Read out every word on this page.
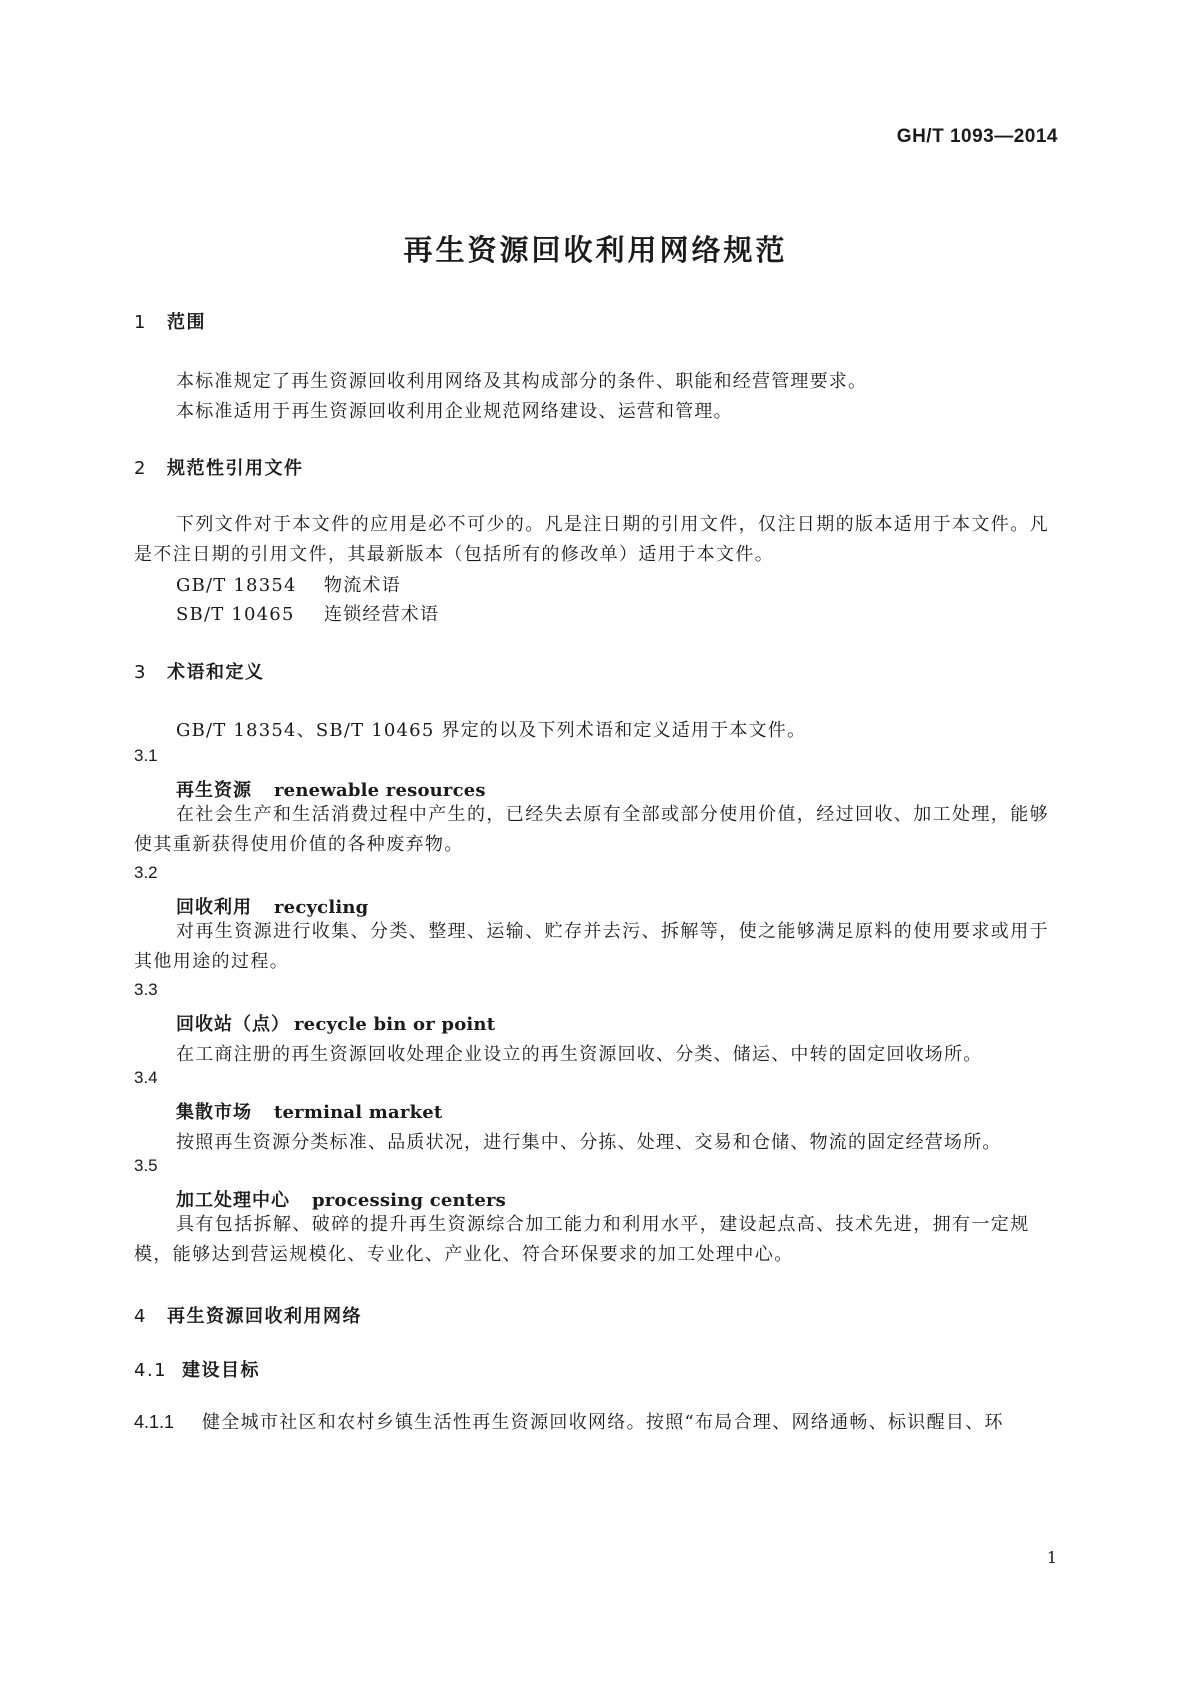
GH/T 1093—2014
再生资源回收利用网络规范
1 范围
本标准规定了再生资源回收利用网络及其构成部分的条件、职能和经营管理要求。
本标准适用于再生资源回收利用企业规范网络建设、运营和管理。
2 规范性引用文件
下列文件对于本文件的应用是必不可少的。凡是注日期的引用文件，仅注日期的版本适用于本文件。凡是不注日期的引用文件，其最新版本（包括所有的修改单）适用于本文件。
GB/T 18354 物流术语
SB/T 10465 连锁经营术语
3 术语和定义
GB/T 18354、SB/T 10465 界定的以及下列术语和定义适用于本文件。
3.1
再生资源 renewable resources
在社会生产和生活消费过程中产生的，已经失去原有全部或部分使用价值，经过回收、加工处理，能够使其重新获得使用价值的各种废弃物。
3.2
回收利用 recycling
对再生资源进行收集、分类、整理、运输、贮存并去污、拆解等，使之能够满足原料的使用要求或用于其他用途的过程。
3.3
回收站（点） recycle bin or point
在工商注册的再生资源回收处理企业设立的再生资源回收、分类、储运、中转的固定回收场所。
3.4
集散市场 terminal market
按照再生资源分类标准、品质状况，进行集中、分拣、处理、交易和仓储、物流的固定经营场所。
3.5
加工处理中心 processing centers
具有包括拆解、破碎的提升再生资源综合加工能力和利用水平，建设起点高、技术先进，拥有一定规模，能够达到营运规模化、专业化、产业化、符合环保要求的加工处理中心。
4 再生资源回收利用网络
4.1 建设目标
4.1.1 健全城市社区和农村乡镇生活性再生资源回收网络。按照“布局合理、网络通畅、标识醒目、环
1
